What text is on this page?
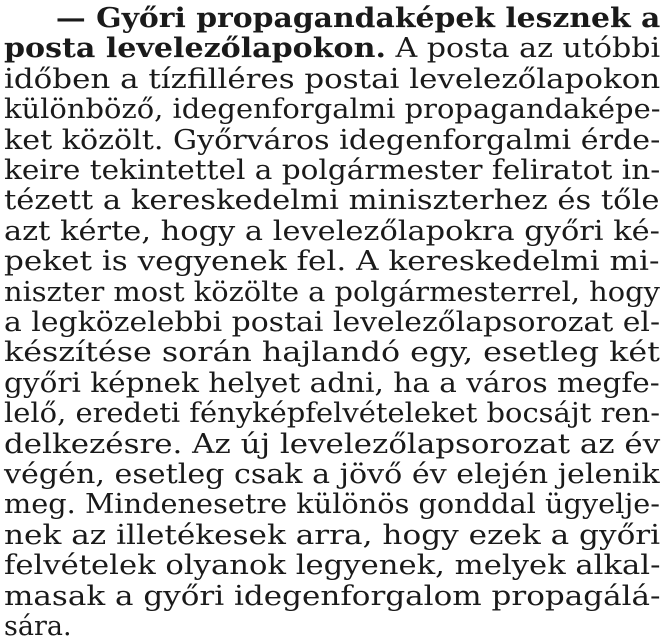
— Győri propagandaképek lesznek a
posta levelezőlapokon. A posta az utóbbi
időben a tízfilléres postai levelezőlapokon
különböző, idegenforgalmi propagandaképe-
ket közölt. Győrváros idegenforgalmi érde-
keire tekintettel a polgármester feliratot in-
tézett a kereskedelmi miniszterhez és tőle
azt kérte, hogy a levelezőlapokra győri ké-
peket is vegyenek fel. A kereskedelmi mi-
niszter most közölte a polgármesterrel, hogy
a legközelebbi postai levelezőlapsorozat el-
készítése során hajlandó egy, esetleg két
győri képnek helyet adni, ha a város megfe-
lelő, eredeti fényképfelvételeket bocsájt ren-
delkezésre. Az új levelezőlapsorozat az év
végén, esetleg csak a jövő év elején jelenik
meg. Mindenesetre különös gonddal ügyelje-
nek az illetékesek arra, hogy ezek a győri
felvételek olyanok legyenek, melyek alkal-
masak a győri idegenforgalom propagálá-
sára.
